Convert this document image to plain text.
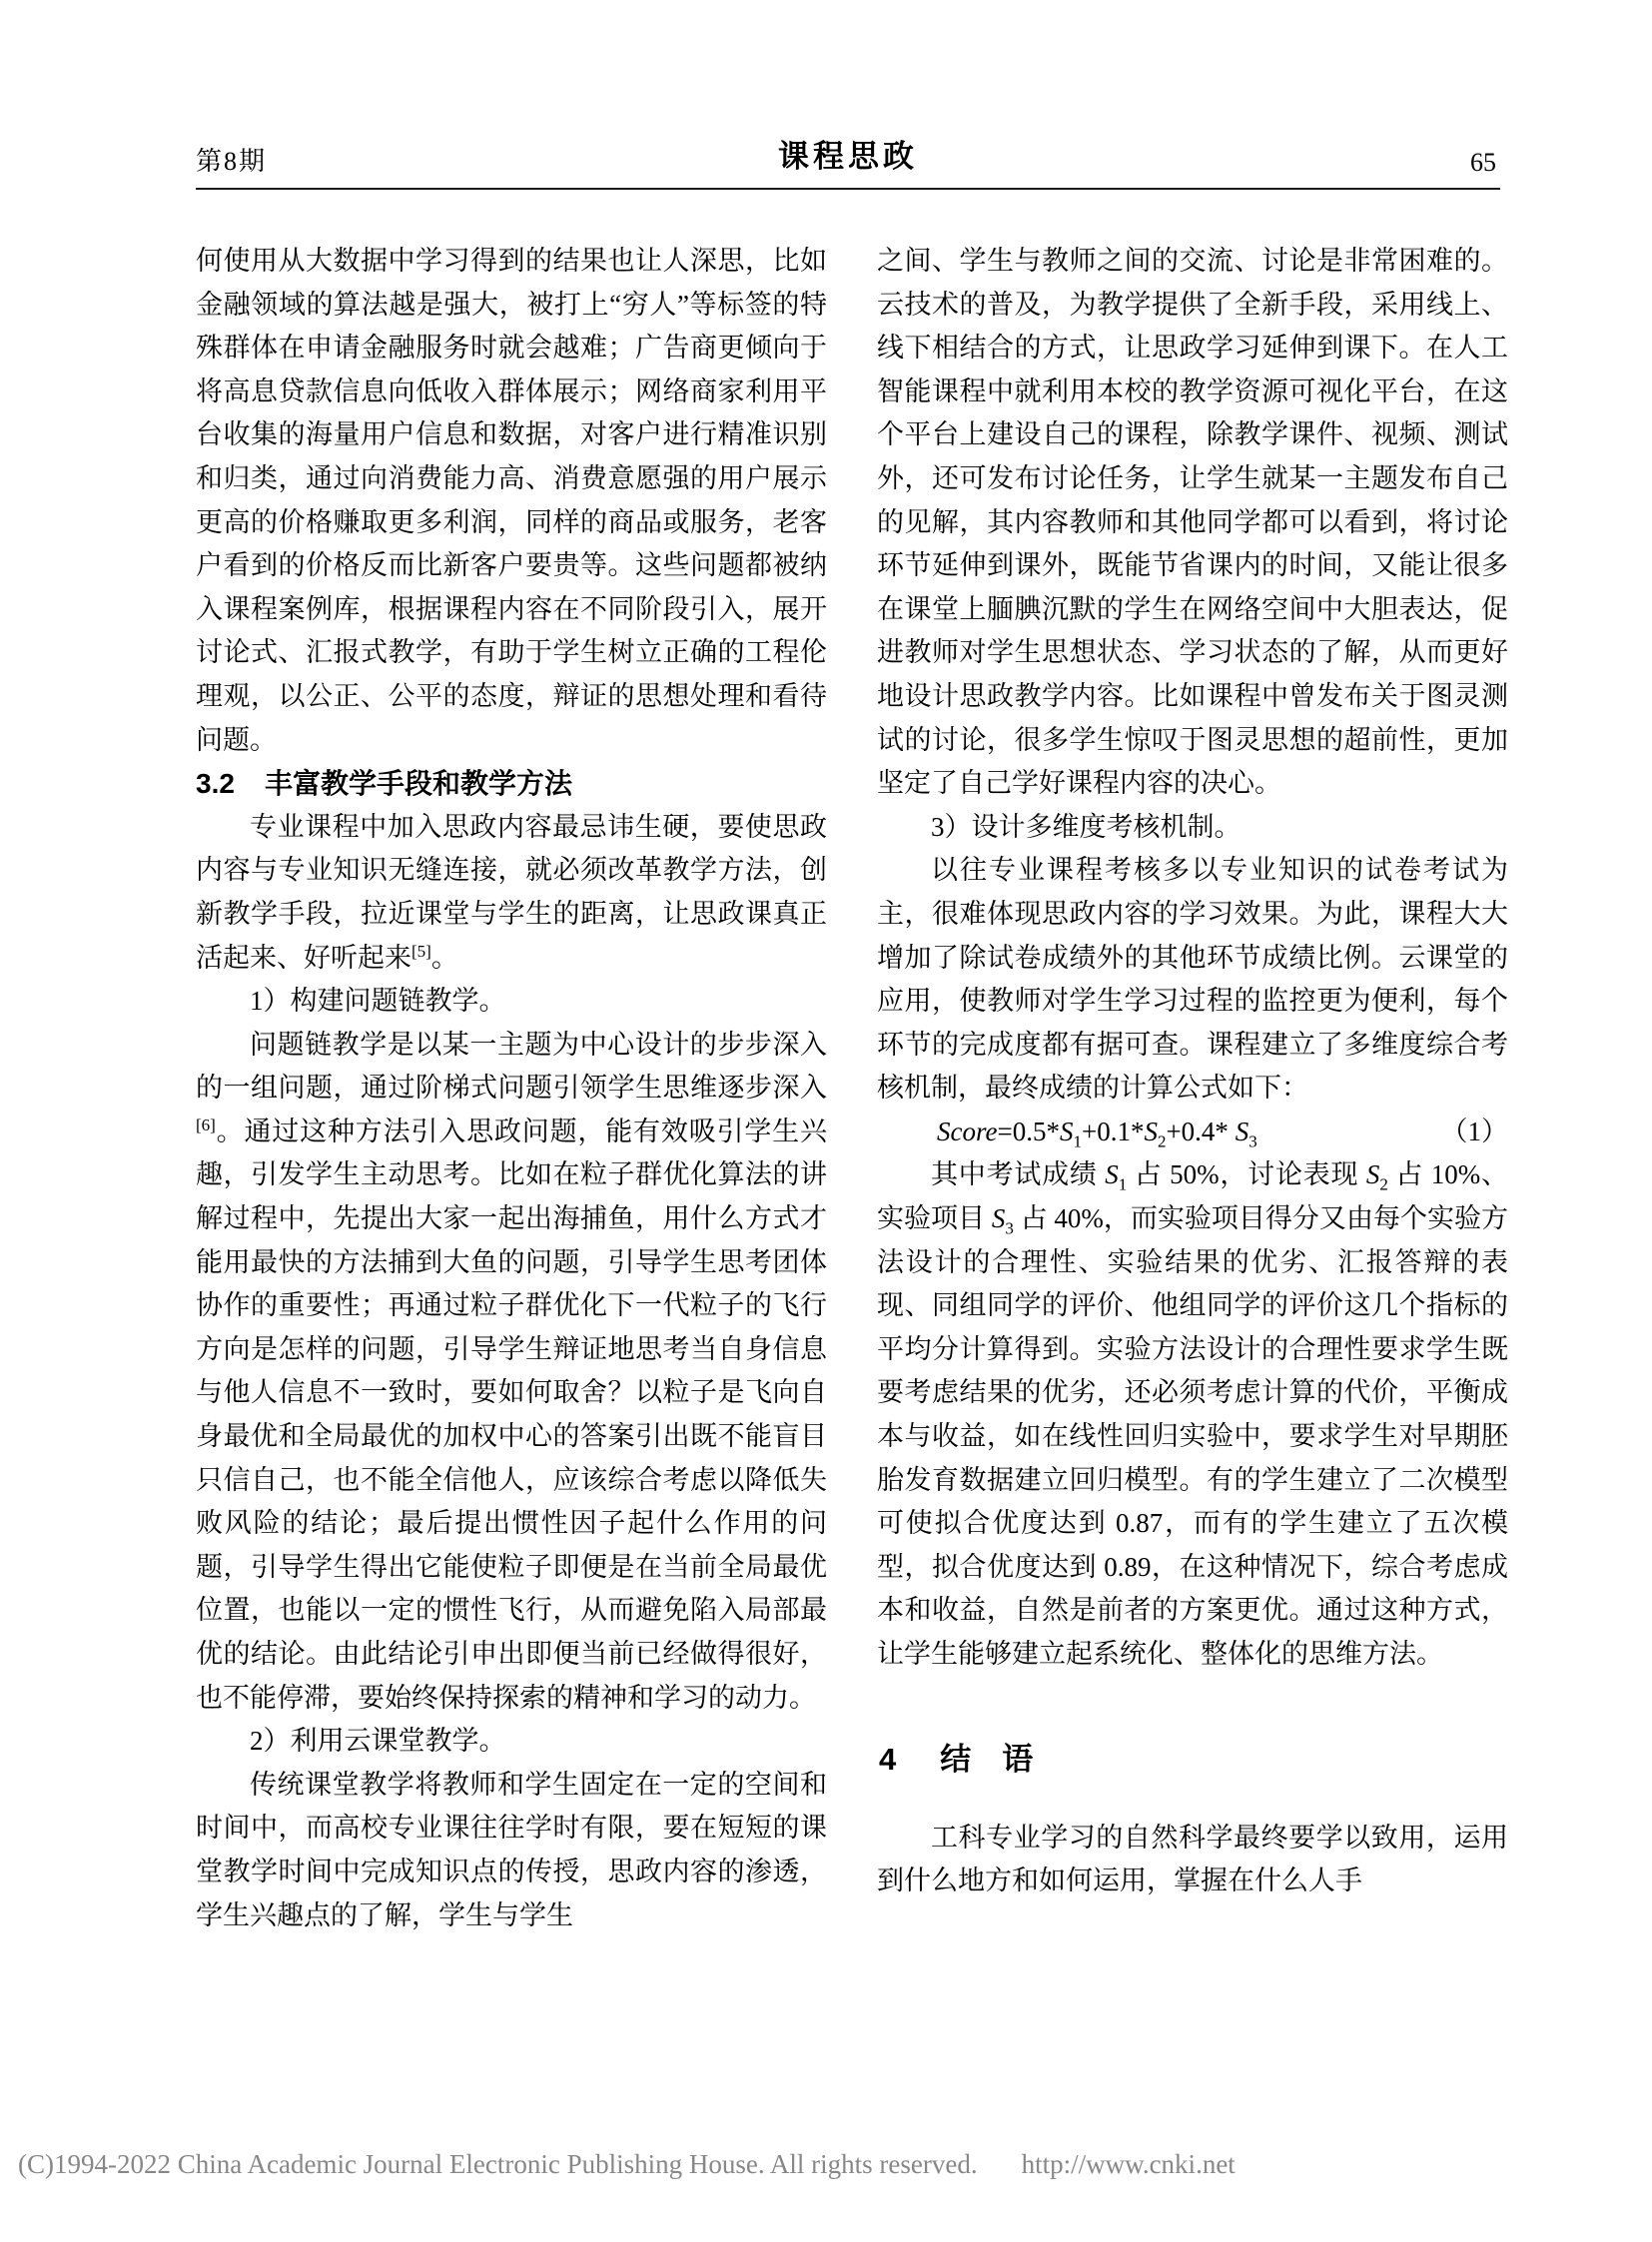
第8期	课程思政	65

何使用从大数据中学习得到的结果也让人深思，比如金融领域的算法越是强大，被打上“穷人”等标签的特殊群体在申请金融服务时就会越难；广告商更倾向于将高息贷款信息向低收入群体展示；网络商家利用平台收集的海量用户信息和数据，对客户进行精准识别和归类，通过向消费能力高、消费意愿强的用户展示更高的价格赚取更多利润，同样的商品或服务，老客户看到的价格反而比新客户要贵等。这些问题都被纳入课程案例库，根据课程内容在不同阶段引入，展开讨论式、汇报式教学，有助于学生树立正确的工程伦理观，以公正、公平的态度，辩证的思想处理和看待问题。

3.2 丰富教学手段和教学方法

专业课程中加入思政内容最忌讳生硬，要使思政内容与专业知识无缝连接，就必须改革教学方法，创新教学手段，拉近课堂与学生的距离，让思政课真正活起来、好听起来[5]。

1）构建问题链教学。

问题链教学是以某一主题为中心设计的步步深入的一组问题，通过阶梯式问题引领学生思维逐步深入[6]。通过这种方法引入思政问题，能有效吸引学生兴趣，引发学生主动思考。比如在粒子群优化算法的讲解过程中，先提出大家一起出海捕鱼，用什么方式才能用最快的方法捕到大鱼的问题，引导学生思考团体协作的重要性；再通过粒子群优化下一代粒子的飞行方向是怎样的问题，引导学生辩证地思考当自身信息与他人信息不一致时，要如何取舍？以粒子是飞向自身最优和全局最优的加权中心的答案引出既不能盲目只信自己，也不能全信他人，应该综合考虑以降低失败风险的结论；最后提出惯性因子起什么作用的问题，引导学生得出它能使粒子即便是在当前全局最优位置，也能以一定的惯性飞行，从而避免陷入局部最优的结论。由此结论引申出即便当前已经做得很好，也不能停滞，要始终保持探索的精神和学习的动力。

2）利用云课堂教学。

传统课堂教学将教师和学生固定在一定的空间和时间中，而高校专业课往往学时有限，要在短短的课堂教学时间中完成知识点的传授，思政内容的渗透，学生兴趣点的了解，学生与学生

之间、学生与教师之间的交流、讨论是非常困难的。云技术的普及，为教学提供了全新手段，采用线上、线下相结合的方式，让思政学习延伸到课下。在人工智能课程中就利用本校的教学资源可视化平台，在这个平台上建设自己的课程，除教学课件、视频、测试外，还可发布讨论任务，让学生就某一主题发布自己的见解，其内容教师和其他同学都可以看到，将讨论环节延伸到课外，既能节省课内的时间，又能让很多在课堂上腼腆沉默的学生在网络空间中大胆表达，促进教师对学生思想状态、学习状态的了解，从而更好地设计思政教学内容。比如课程中曾发布关于图灵测试的讨论，很多学生惊叹于图灵思想的超前性，更加坚定了自己学好课程内容的决心。

3）设计多维度考核机制。

以往专业课程考核多以专业知识的试卷考试为主，很难体现思政内容的学习效果。为此，课程大大增加了除试卷成绩外的其他环节成绩比例。云课堂的应用，使教师对学生学习过程的监控更为便利，每个环节的完成度都有据可查。课程建立了多维度综合考核机制，最终成绩的计算公式如下：

$Score=0.5*S_1+0.1*S_2+0.4*$ $S_3$	（1）

其中考试成绩 $S_1$ 占 50%，讨论表现 $S_2$ 占 10%、实验项目 $S_3$ 占 40%，而实验项目得分又由每个实验方法设计的合理性、实验结果的优劣、汇报答辩的表现、同组同学的评价、他组同学的评价这几个指标的平均分计算得到。实验方法设计的合理性要求学生既要考虑结果的优劣，还必须考虑计算的代价，平衡成本与收益，如在线性回归实验中，要求学生对早期胚胎发育数据建立回归模型。有的学生建立了二次模型可使拟合优度达到 0.87，而有的学生建立了五次模型，拟合优度达到 0.89，在这种情况下，综合考虑成本和收益，自然是前者的方案更优。通过这种方式，让学生能够建立起系统化、整体化的思维方法。

4 结　语

工科专业学习的自然科学最终要学以致用，运用到什么地方和如何运用，掌握在什么人手

(C)1994-2022 China Academic Journal Electronic Publishing House. All rights reserved. http://www.cnki.net
